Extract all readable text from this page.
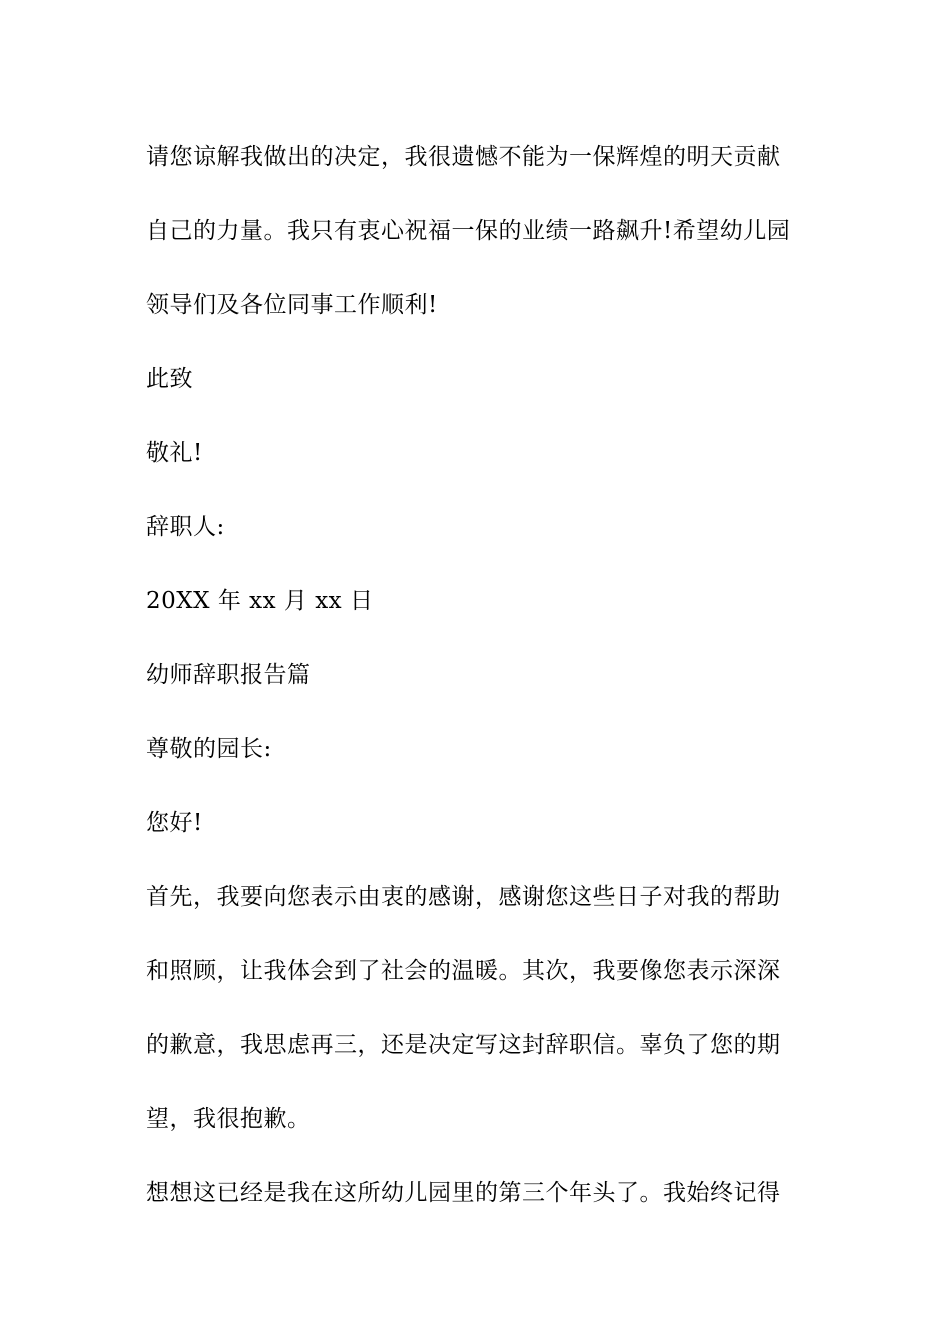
请您谅解我做出的决定，我很遗憾不能为一保辉煌的明天贡献
自己的力量。我只有衷心祝福一保的业绩一路飙升!希望幼儿园
领导们及各位同事工作顺利!
此致
敬礼!
辞职人:
20XX 年 xx 月 xx 日
幼师辞职报告篇
尊敬的园长:
您好!
首先，我要向您表示由衷的感谢，感谢您这些日子对我的帮助
和照顾，让我体会到了社会的温暖。其次，我要像您表示深深
的歉意，我思虑再三，还是决定写这封辞职信。辜负了您的期
望，我很抱歉。
想想这已经是我在这所幼儿园里的第三个年头了。我始终记得
